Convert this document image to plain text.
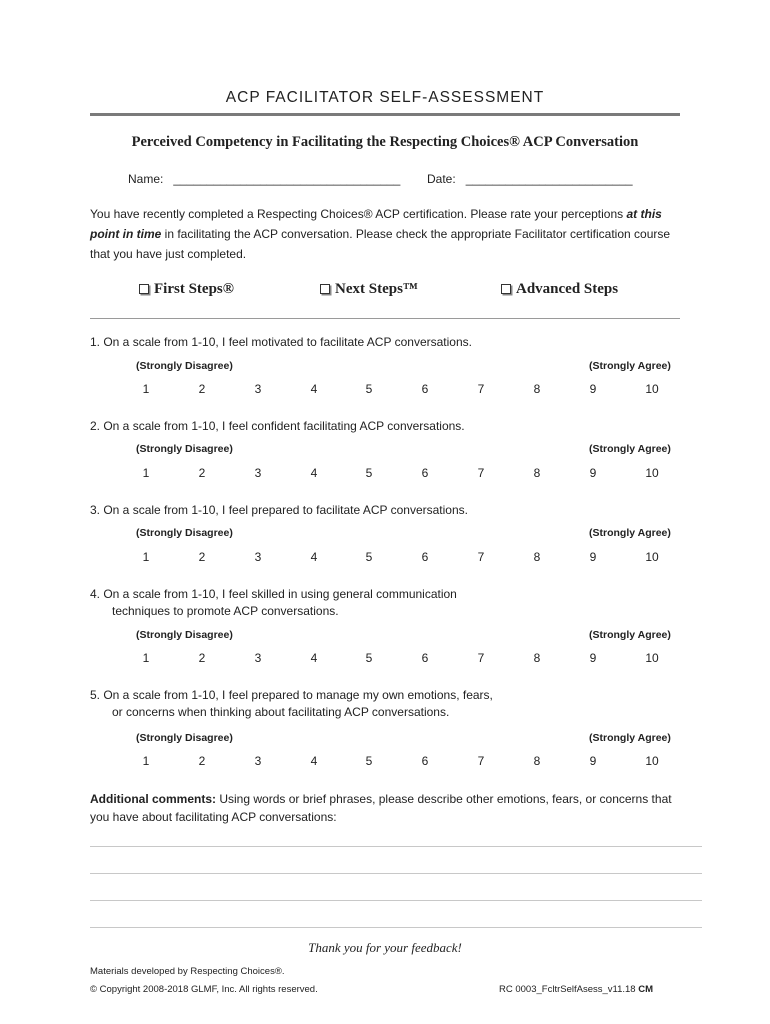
ACP FACILITATOR SELF-ASSESSMENT
Perceived Competency in Facilitating the Respecting Choices® ACP Conversation
Name: __________________________________ Date: _________________________
You have recently completed a Respecting Choices® ACP certification. Please rate your perceptions at this point in time in facilitating the ACP conversation. Please check the appropriate Facilitator certification course that you have just completed.
First Steps®	Next Steps™	Advanced Steps
1. On a scale from 1-10, I feel motivated to facilitate ACP conversations.
(Strongly Disagree)	(Strongly Agree)
1	2	3	4	5	6	7	8	9	10
2. On a scale from 1-10, I feel confident facilitating ACP conversations.
(Strongly Disagree)	(Strongly Agree)
1	2	3	4	5	6	7	8	9	10
3. On a scale from 1-10, I feel prepared to facilitate ACP conversations.
(Strongly Disagree)	(Strongly Agree)
1	2	3	4	5	6	7	8	9	10
4. On a scale from 1-10, I feel skilled in using general communication
techniques to promote ACP conversations.
(Strongly Disagree)	(Strongly Agree)
1	2	3	4	5	6	7	8	9	10
5. On a scale from 1-10, I feel prepared to manage my own emotions, fears,
or concerns when thinking about facilitating ACP conversations.
(Strongly Disagree)	(Strongly Agree)
1	2	3	4	5	6	7	8	9	10
Additional comments: Using words or brief phrases, please describe other emotions, fears, or concerns that you have about facilitating ACP conversations:
Thank you for your feedback!
Materials developed by Respecting Choices®.
© Copyright 2008-2018 GLMF, Inc. All rights reserved.	RC 0003_FcltrSelfAsess_v11.18 CM
